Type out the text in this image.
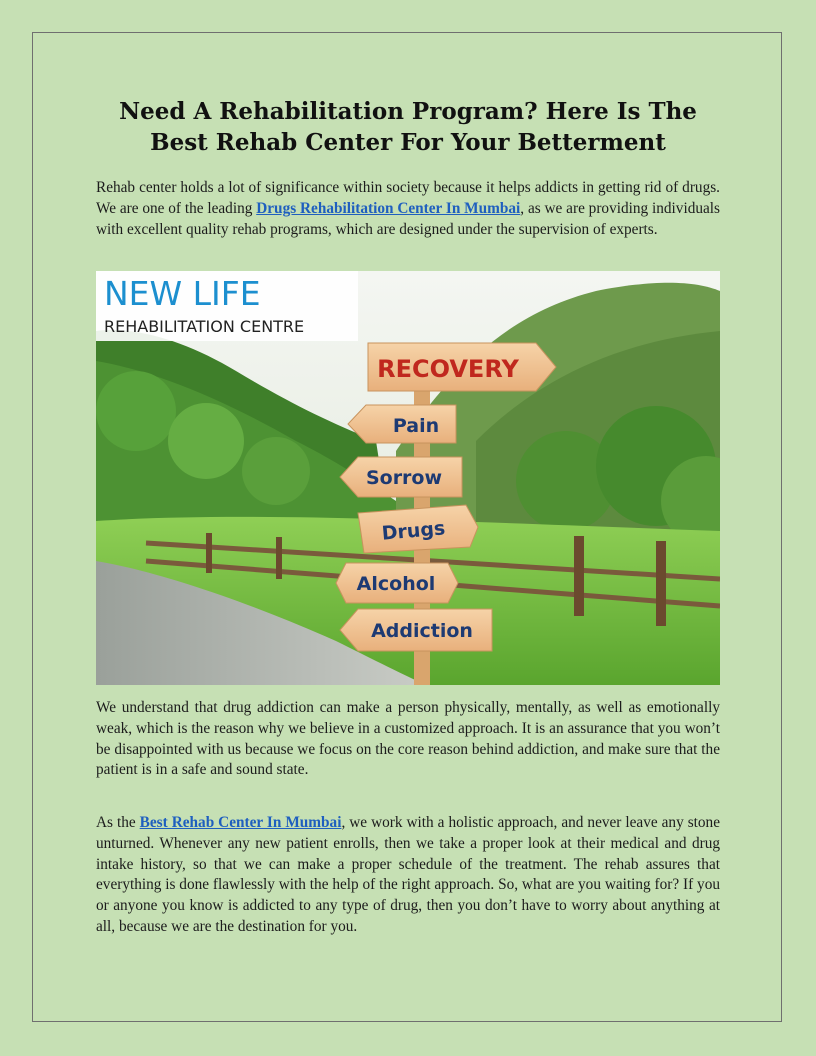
Need A Rehabilitation Program? Here Is The Best Rehab Center For Your Betterment

Rehab center holds a lot of significance within society because it helps addicts in getting rid of drugs. We are one of the leading Drugs Rehabilitation Center In Mumbai, as we are providing individuals with excellent quality rehab programs, which are designed under the supervision of experts.

NEW LIFE
REHABILITATION CENTRE
RECOVERY
Pain
Sorrow
Drugs
Alcohol
Addiction

We understand that drug addiction can make a person physically, mentally, as well as emotionally weak, which is the reason why we believe in a customized approach. It is an assurance that you won’t be disappointed with us because we focus on the core reason behind addiction, and make sure that the patient is in a safe and sound state.

As the Best Rehab Center In Mumbai, we work with a holistic approach, and never leave any stone unturned. Whenever any new patient enrolls, then we take a proper look at their medical and drug intake history, so that we can make a proper schedule of the treatment. The rehab assures that everything is done flawlessly with the help of the right approach. So, what are you waiting for? If you or anyone you know is addicted to any type of drug, then you don’t have to worry about anything at all, because we are the destination for you.
